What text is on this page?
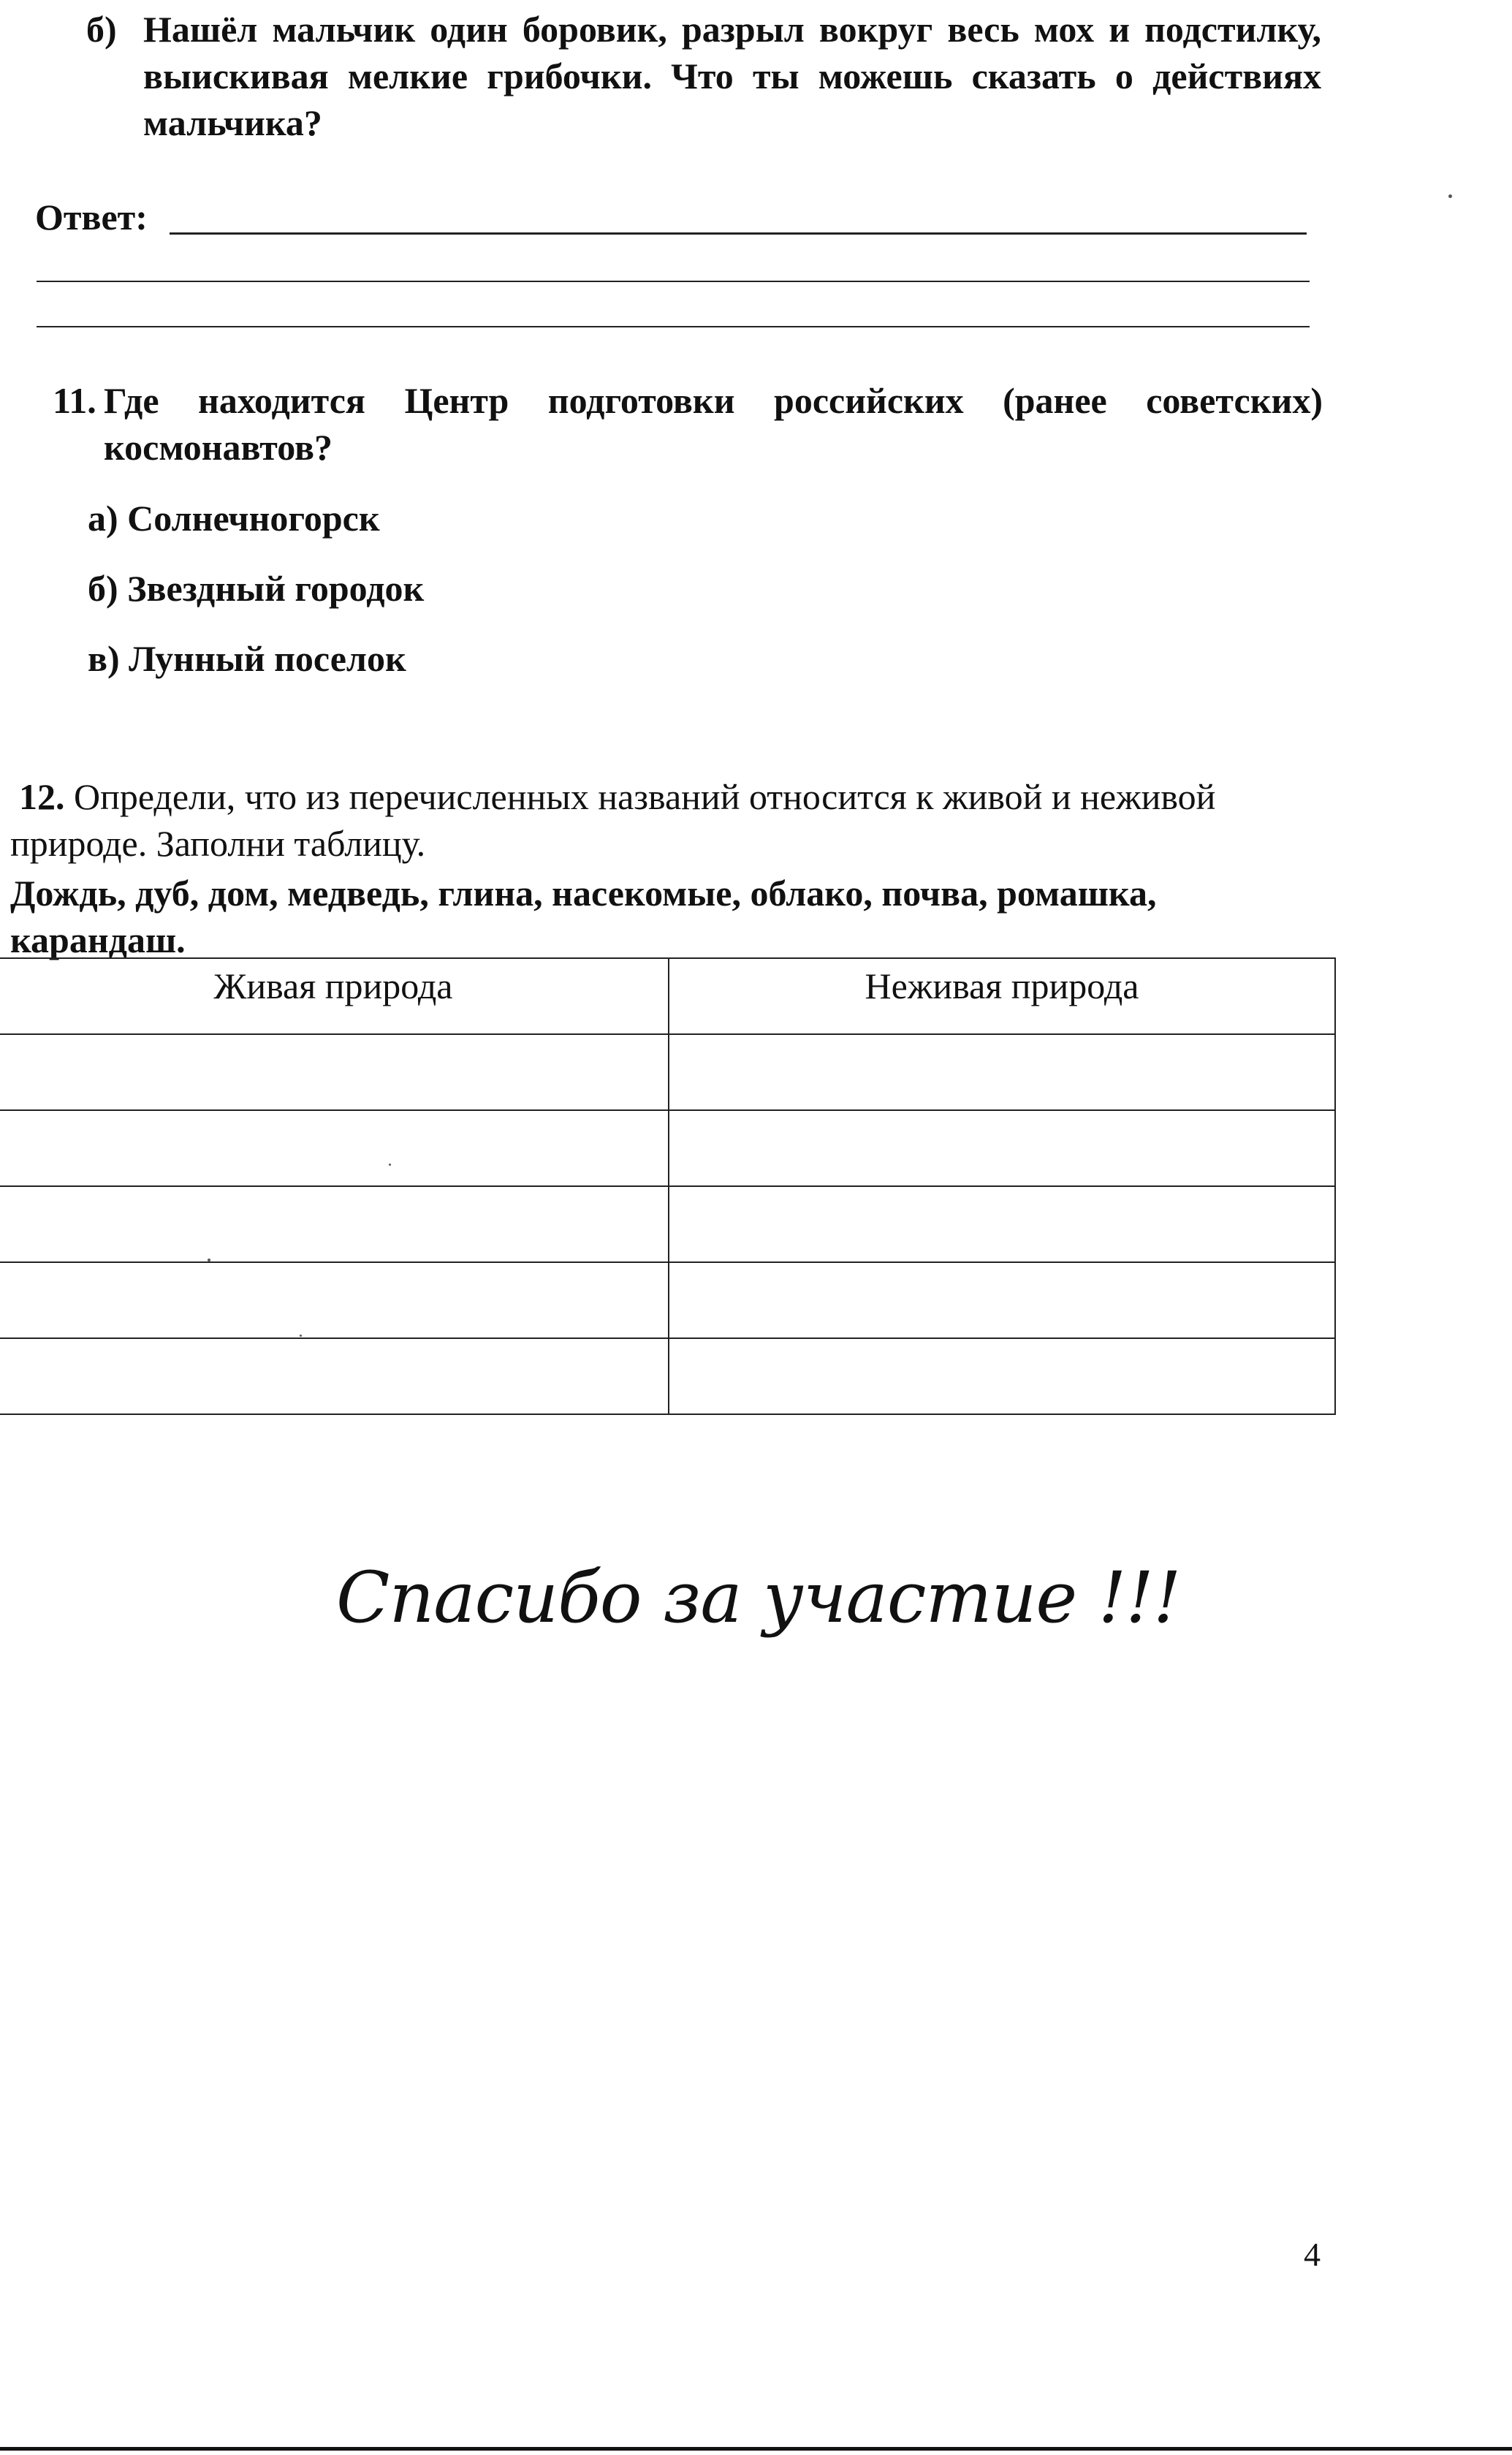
б) Нашёл мальчик один боровик, разрыл вокруг весь мох и подстилку, выискивая мелкие грибочки. Что ты можешь сказать о действиях мальчика?
Ответ:
11. Где находится Центр подготовки российских (ранее советских) космонавтов?
а) Солнечногорск
б) Звездный городок
в) Лунный поселок
12. Определи, что из перечисленных названий относится к живой и неживой природе. Заполни таблицу.
Дождь, дуб, дом, медведь, глина, насекомые, облако, почва, ромашка, карандаш.
Живая природа	Неживая природа

Спасибо за участие !!!
4
